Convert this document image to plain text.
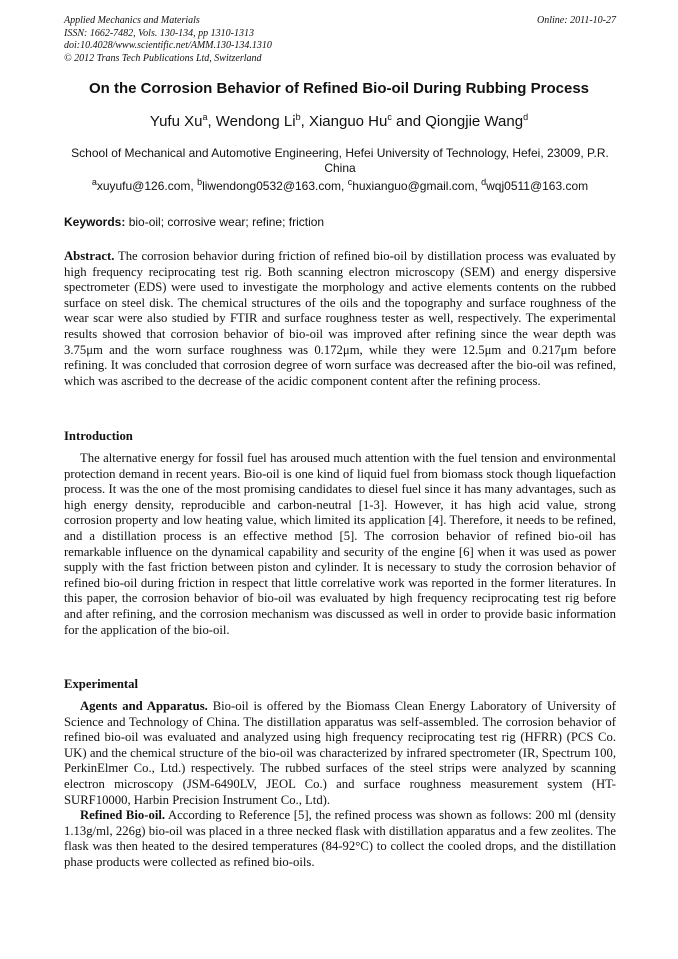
Applied Mechanics and Materials
ISSN: 1662-7482, Vols. 130-134, pp 1310-1313
doi:10.4028/www.scientific.net/AMM.130-134.1310
© 2012 Trans Tech Publications Ltd, Switzerland
Online: 2011-10-27
On the Corrosion Behavior of Refined Bio-oil During Rubbing Process
Yufu Xu$^a$, Wendong Li$^b$, Xianguo Hu$^c$ and Qiongjie Wang$^d$
School of Mechanical and Automotive Engineering, Hefei University of Technology, Hefei, 23009, P.R. China
$^a$xuyufu@126.com, $^b$liwendong0532@163.com, $^c$huxianguo@gmail.com, $^d$wqj0511@163.com
Keywords: bio-oil; corrosive wear; refine; friction

Abstract. The corrosion behavior during friction of refined bio-oil by distillation process was evaluated by high frequency reciprocating test rig. Both scanning electron microscopy (SEM) and energy dispersive spectrometer (EDS) were used to investigate the morphology and active elements contents on the rubbed surface on steel disk. The chemical structures of the oils and the topography and surface roughness of the wear scar were also studied by FTIR and surface roughness tester as well, respectively. The experimental results showed that corrosion behavior of bio-oil was improved after refining since the wear depth was 3.75μm and the worn surface roughness was 0.172μm, while they were 12.5μm and 0.217μm before refining. It was concluded that corrosion degree of worn surface was decreased after the bio-oil was refined, which was ascribed to the decrease of the acidic component content after the refining process.

Introduction

The alternative energy for fossil fuel has aroused much attention with the fuel tension and environmental protection demand in recent years. Bio-oil is one kind of liquid fuel from biomass stock though liquefaction process. It was the one of the most promising candidates to diesel fuel since it has many advantages, such as high energy density, reproducible and carbon-neutral [1-3]. However, it has high acid value, strong corrosion property and low heating value, which limited its application [4]. Therefore, it needs to be refined, and a distillation process is an effective method [5]. The corrosion behavior of refined bio-oil has remarkable influence on the dynamical capability and security of the engine [6] when it was used as power supply with the fast friction between piston and cylinder. It is necessary to study the corrosion behavior of refined bio-oil during friction in respect that little correlative work was reported in the former literatures. In this paper, the corrosion behavior of bio-oil was evaluated by high frequency reciprocating test rig before and after refining, and the corrosion mechanism was discussed as well in order to provide basic information for the application of the bio-oil.

Experimental

Agents and Apparatus. Bio-oil is offered by the Biomass Clean Energy Laboratory of University of Science and Technology of China. The distillation apparatus was self-assembled. The corrosion behavior of refined bio-oil was evaluated and analyzed using high frequency reciprocating test rig (HFRR) (PCS Co. UK) and the chemical structure of the bio-oil was characterized by infrared spectrometer (IR, Spectrum 100, PerkinElmer Co., Ltd.) respectively. The rubbed surfaces of the steel strips were analyzed by scanning electron microscopy (JSM-6490LV, JEOL Co.) and surface roughness measurement system (HT-SURF10000, Harbin Precision Instrument Co., Ltd).

Refined Bio-oil. According to Reference [5], the refined process was shown as follows: 200 ml (density 1.13g/ml, 226g) bio-oil was placed in a three necked flask with distillation apparatus and a few zeolites. The flask was then heated to the desired temperatures (84-92°C) to collect the cooled drops, and the distillation phase products were collected as refined bio-oils.
